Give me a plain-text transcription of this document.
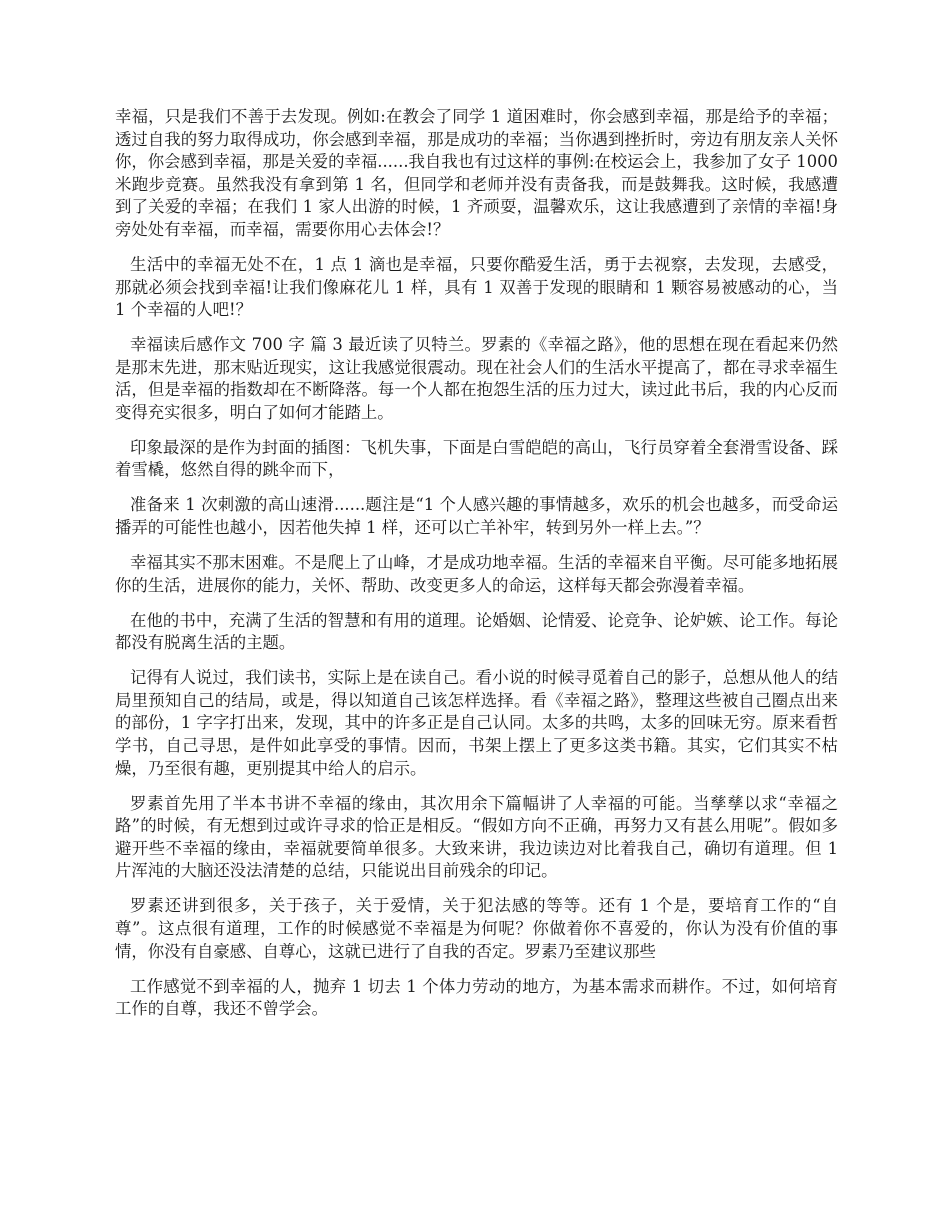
幸福，只是我们不善于去发现。例如:在教会了同学 1 道困难时，你会感到幸福，那是给予的幸福；透过自我的努力取得成功，你会感到幸福，那是成功的幸福；当你遇到挫折时，旁边有朋友亲人关怀你，你会感到幸福，那是关爱的幸福......我自我也有过这样的事例:在校运会上，我参加了女子 1000 米跑步竞赛。虽然我没有拿到第 1 名，但同学和老师并没有责备我，而是鼓舞我。这时候，我感遭到了关爱的幸福；在我们 1 家人出游的时候，1 齐顽耍，温馨欢乐，这让我感遭到了亲情的幸福!身旁处处有幸福，而幸福，需要你用心去体会!？

生活中的幸福无处不在，1 点 1 滴也是幸福，只要你酷爱生活，勇于去视察，去发现，去感受，那就必须会找到幸福!让我们像麻花儿 1 样，具有 1 双善于发现的眼睛和 1 颗容易被感动的心，当 1 个幸福的人吧!？

幸福读后感作文 700 字 篇 3 最近读了贝特兰。罗素的《幸福之路》，他的思想在现在看起来仍然是那末先进，那末贴近现实，这让我感觉很震动。现在社会人们的生活水平提高了，都在寻求幸福生活，但是幸福的指数却在不断降落。每一个人都在抱怨生活的压力过大，读过此书后，我的内心反而变得充实很多，明白了如何才能踏上。

印象最深的是作为封面的插图：飞机失事，下面是白雪皑皑的高山，飞行员穿着全套滑雪设备、踩着雪橇，悠然自得的跳伞而下，

准备来 1 次刺激的高山速滑......题注是“1 个人感兴趣的事情越多，欢乐的机会也越多，而受命运播弄的可能性也越小，因若他失掉 1 样，还可以亡羊补牢，转到另外一样上去。”？

幸福其实不那末困难。不是爬上了山峰，才是成功地幸福。生活的幸福来自平衡。尽可能多地拓展你的生活，进展你的能力，关怀、帮助、改变更多人的命运，这样每天都会弥漫着幸福。

在他的书中，充满了生活的智慧和有用的道理。论婚姻、论情爱、论竞争、论妒嫉、论工作。每论都没有脱离生活的主题。

记得有人说过，我们读书，实际上是在读自己。看小说的时候寻觅着自己的影子，总想从他人的结局里预知自己的结局，或是，得以知道自己该怎样选择。看《幸福之路》，整理这些被自己圈点出来的部份，1 字字打出来，发现，其中的许多正是自己认同。太多的共鸣，太多的回味无穷。原来看哲学书，自己寻思，是件如此享受的事情。因而，书架上摆上了更多这类书籍。其实，它们其实不枯燥，乃至很有趣，更别提其中给人的启示。

罗素首先用了半本书讲不幸福的缘由，其次用余下篇幅讲了人幸福的可能。当孳孳以求“幸福之路”的时候，有无想到过或许寻求的恰正是相反。“假如方向不正确，再努力又有甚么用呢”。假如多避开些不幸福的缘由，幸福就要简单很多。大致来讲，我边读边对比着我自己，确切有道理。但 1 片浑沌的大脑还没法清楚的总结，只能说出目前残余的印记。

罗素还讲到很多，关于孩子，关于爱情，关于犯法感的等等。还有 1 个是，要培育工作的“自尊”。这点很有道理，工作的时候感觉不幸福是为何呢？你做着你不喜爱的，你认为没有价值的事情，你没有自豪感、自尊心，这就已进行了自我的否定。罗素乃至建议那些

工作感觉不到幸福的人，抛弃 1 切去 1 个体力劳动的地方，为基本需求而耕作。不过，如何培育工作的自尊，我还不曾学会。
